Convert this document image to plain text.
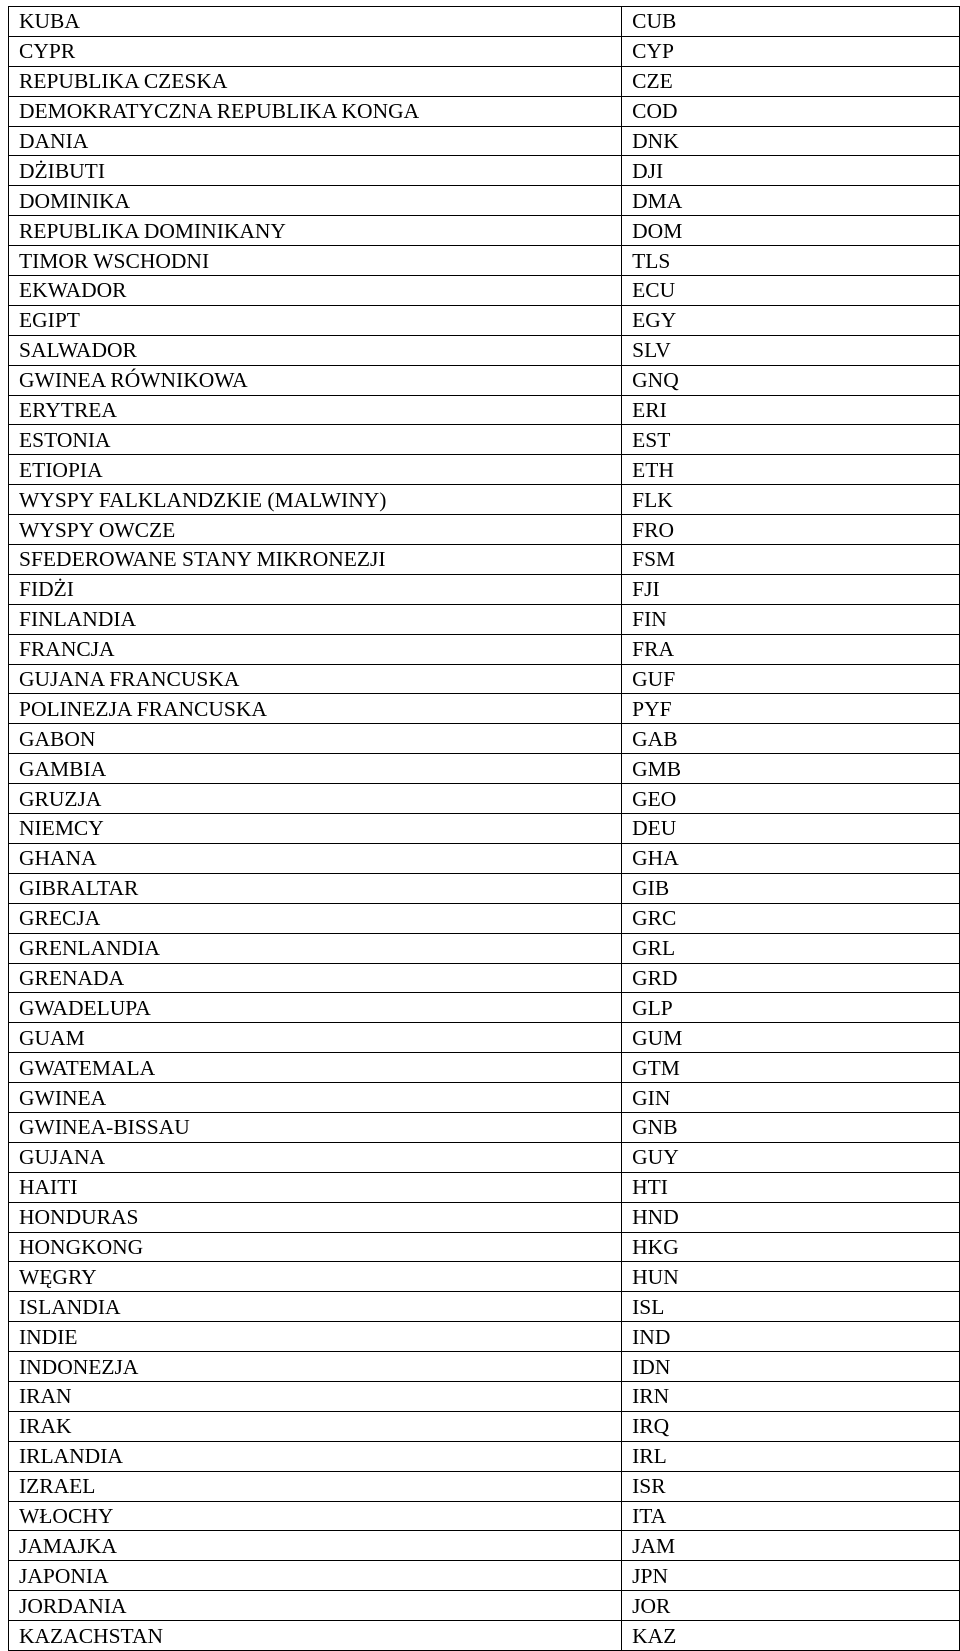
KUBA	CUB
CYPR	CYP
REPUBLIKA CZESKA	CZE
DEMOKRATYCZNA REPUBLIKA KONGA	COD
DANIA	DNK
DŻIBUTI	DJI
DOMINIKA	DMA
REPUBLIKA DOMINIKANY	DOM
TIMOR WSCHODNI	TLS
EKWADOR	ECU
EGIPT	EGY
SALWADOR	SLV
GWINEA RÓWNIKOWA	GNQ
ERYTREA	ERI
ESTONIA	EST
ETIOPIA	ETH
WYSPY FALKLANDZKIE (MALWINY)	FLK
WYSPY OWCZE	FRO
SFEDEROWANE STANY MIKRONEZJI	FSM
FIDŻI	FJI
FINLANDIA	FIN
FRANCJA	FRA
GUJANA FRANCUSKA	GUF
POLINEZJA FRANCUSKA	PYF
GABON	GAB
GAMBIA	GMB
GRUZJA	GEO
NIEMCY	DEU
GHANA	GHA
GIBRALTAR	GIB
GRECJA	GRC
GRENLANDIA	GRL
GRENADA	GRD
GWADELUPA	GLP
GUAM	GUM
GWATEMALA	GTM
GWINEA	GIN
GWINEA-BISSAU	GNB
GUJANA	GUY
HAITI	HTI
HONDURAS	HND
HONGKONG	HKG
WĘGRY	HUN
ISLANDIA	ISL
INDIE	IND
INDONEZJA	IDN
IRAN	IRN
IRAK	IRQ
IRLANDIA	IRL
IZRAEL	ISR
WŁOCHY	ITA
JAMAJKA	JAM
JAPONIA	JPN
JORDANIA	JOR
KAZACHSTAN	KAZ
